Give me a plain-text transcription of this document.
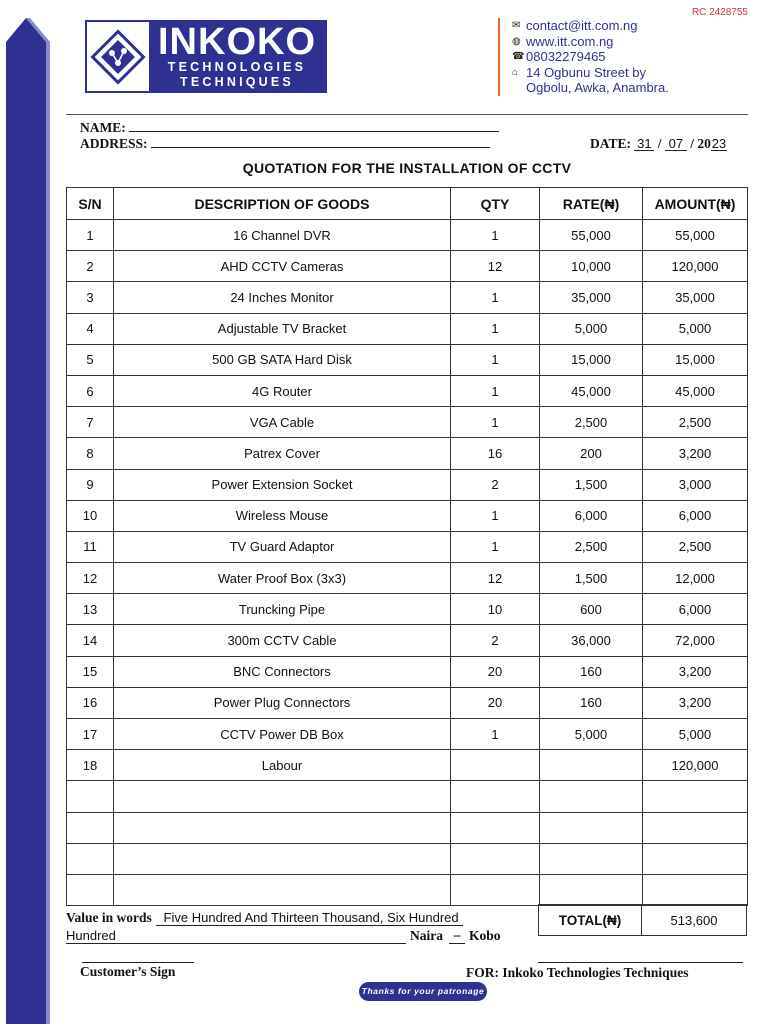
RC 2428755
INKOKO
TECHNOLOGIES
TECHNIQUES
✉ contact@itt.com.ng
◍ www.itt.com.ng
☎ 08032279465
⌂ 14 Ogbunu Street by
Ogbolu, Awka, Anambra.
NAME:
ADDRESS:	DATE: 31 / 07 / 2023
QUOTATION FOR THE INSTALLATION OF CCTV
S/N	DESCRIPTION OF GOODS	QTY	RATE(₦)	AMOUNT(₦)
1	16 Channel DVR	1	55,000	55,000
2	AHD CCTV Cameras	12	10,000	120,000
3	24 Inches Monitor	1	35,000	35,000
4	Adjustable TV Bracket	1	5,000	5,000
5	500 GB SATA Hard Disk	1	15,000	15,000
6	4G Router	1	45,000	45,000
7	VGA Cable	1	2,500	2,500
8	Patrex Cover	16	200	3,200
9	Power Extension Socket	2	1,500	3,000
10	Wireless Mouse	1	6,000	6,000
11	TV Guard Adaptor	1	2,500	2,500
12	Water Proof Box (3x3)	12	1,500	12,000
13	Truncking Pipe	10	600	6,000
14	300m CCTV Cable	2	36,000	72,000
15	BNC Connectors	20	160	3,200
16	Power Plug Connectors	20	160	3,200
17	CCTV Power DB Box	1	5,000	5,000
18	Labour			120,000

Value in words Five Hundred And Thirteen Thousand, Six Hundred
Hundred	Naira – Kobo
TOTAL(₦)	513,600
Customer’s Sign	FOR: Inkoko Technologies Techniques
Thanks for your patronage
